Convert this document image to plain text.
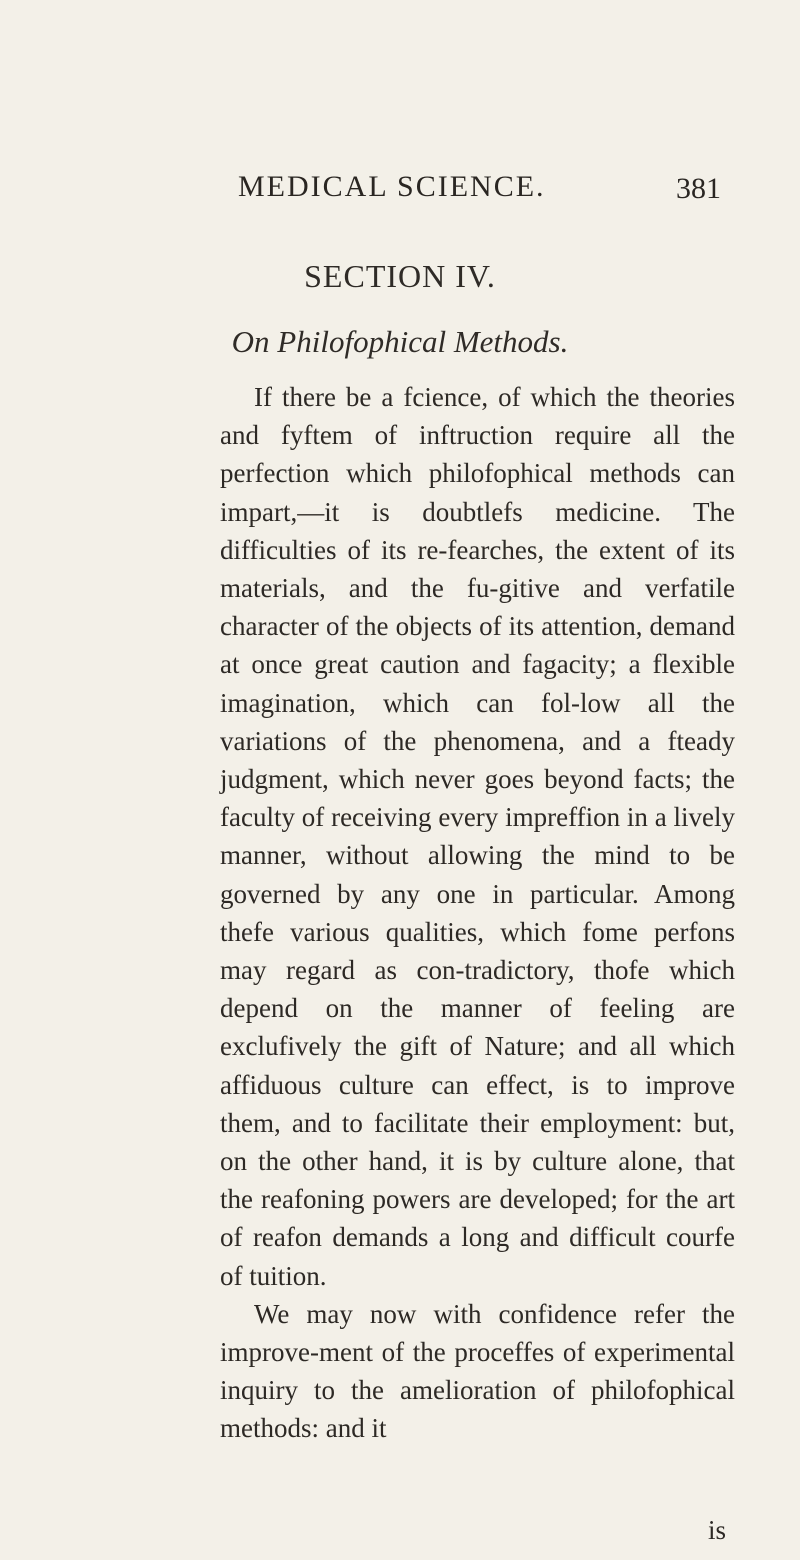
MEDICAL SCIENCE.	381
SECTION IV.
On Philofophical Methods.

If there be a fcience, of which the theories and fyftem of inftruction require all the perfection which philofophical methods can impart,—it is doubtlefs medicine. The difficulties of its re-fearches, the extent of its materials, and the fu-gitive and verfatile character of the objects of its attention, demand at once great caution and fagacity; a flexible imagination, which can fol-low all the variations of the phenomena, and a fteady judgment, which never goes beyond facts; the faculty of receiving every impreffion in a lively manner, without allowing the mind to be governed by any one in particular. Among thefe various qualities, which fome perfons may regard as con-tradictory, thofe which depend on the manner of feeling are exclufively the gift of Nature; and all which affiduous culture can effect, is to improve them, and to facilitate their employment: but, on the other hand, it is by culture alone, that the reafoning powers are developed; for the art of reafon demands a long and difficult courfe of tuition.

We may now with confidence refer the improve-ment of the proceffes of experimental inquiry to the amelioration of philofophical methods: and it

is
